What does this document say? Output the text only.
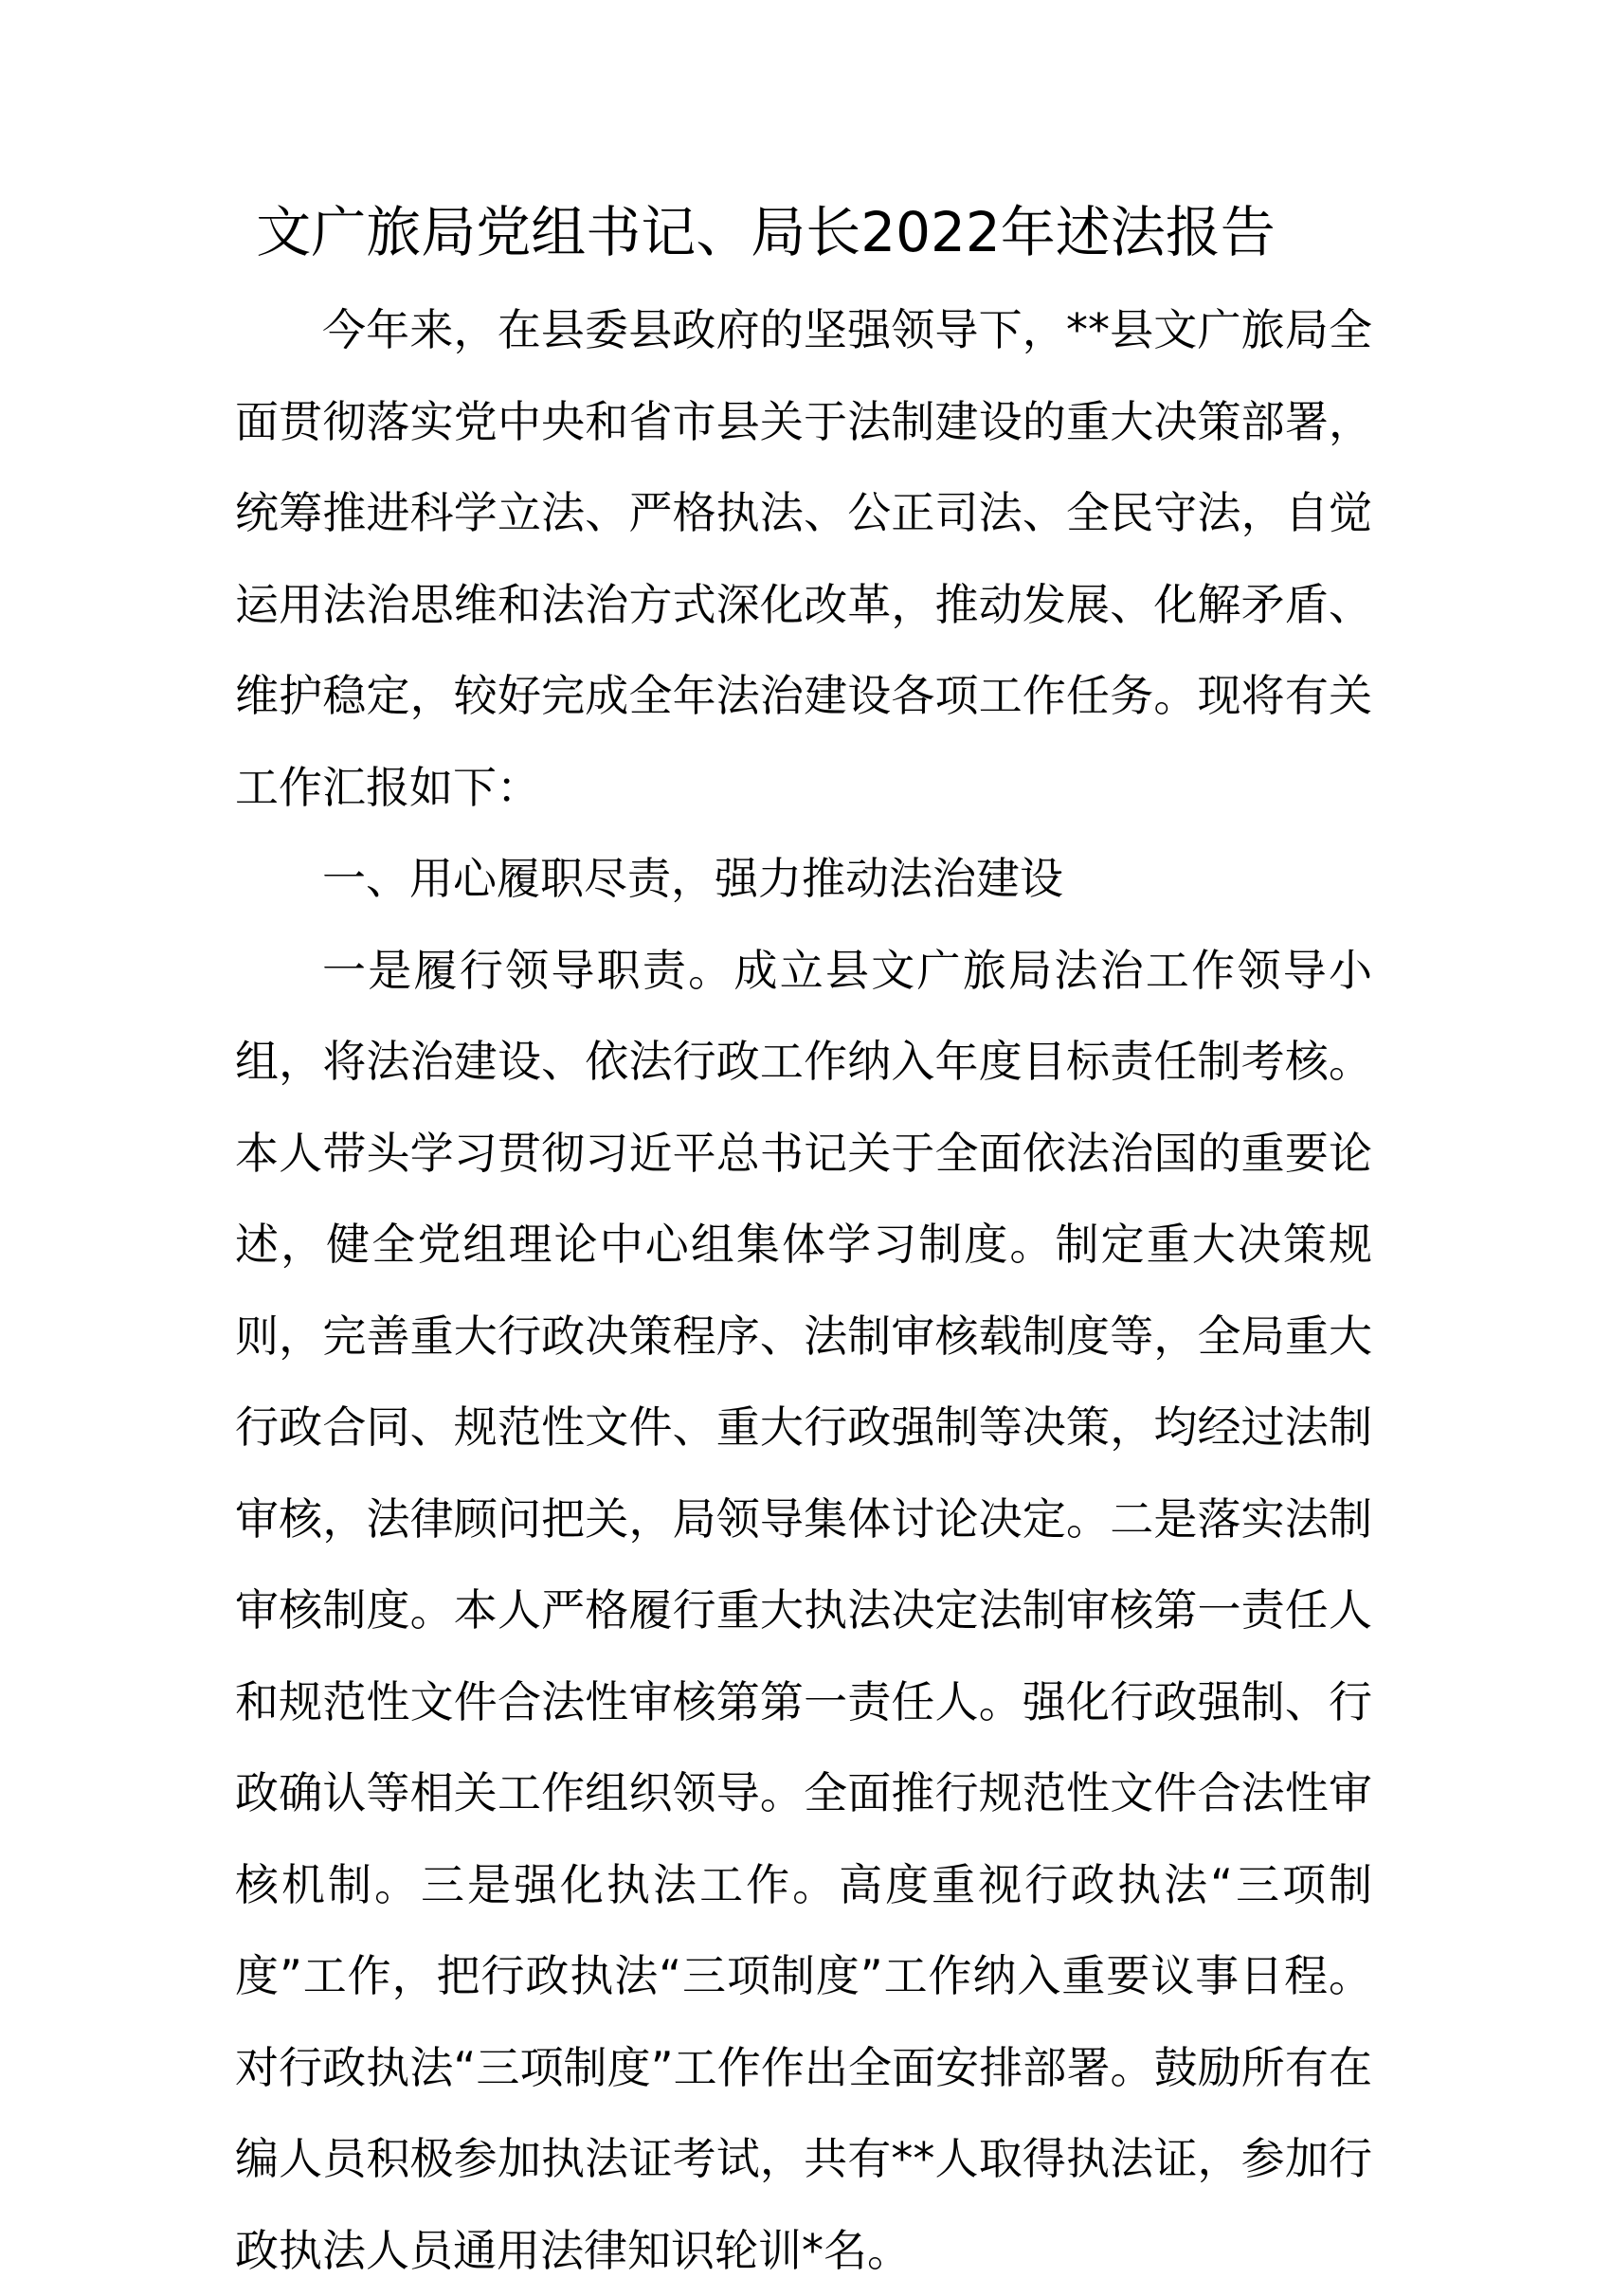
文广旅局党组书记、局长2022年述法报告

今年来，在县委县政府的坚强领导下，**县文广旅局全面贯彻落实党中央和省市县关于法制建设的重大决策部署，统筹推进科学立法、严格执法、公正司法、全民守法，自觉运用法治思维和法治方式深化改革，推动发展、化解矛盾、维护稳定，较好完成全年法治建设各项工作任务。现将有关工作汇报如下：

一、用心履职尽责，强力推动法治建设

一是履行领导职责。成立县文广旅局法治工作领导小组，将法治建设、依法行政工作纳入年度目标责任制考核。本人带头学习贯彻习近平总书记关于全面依法治国的重要论述，健全党组理论中心组集体学习制度。制定重大决策规则，完善重大行政决策程序、法制审核载制度等，全局重大行政合同、规范性文件、重大行政强制等决策，均经过法制审核，法律顾问把关，局领导集体讨论决定。二是落实法制审核制度。本人严格履行重大执法决定法制审核第一责任人和规范性文件合法性审核第第一责任人。强化行政强制、行政确认等相关工作组织领导。全面推行规范性文件合法性审核机制。三是强化执法工作。高度重视行政执法“三项制度”工作，把行政执法“三项制度”工作纳入重要议事日程。对行政执法“三项制度”工作作出全面安排部署。鼓励所有在编人员积极参加执法证考试，共有**人取得执法证，参加行政执法人员通用法律知识轮训*名。
